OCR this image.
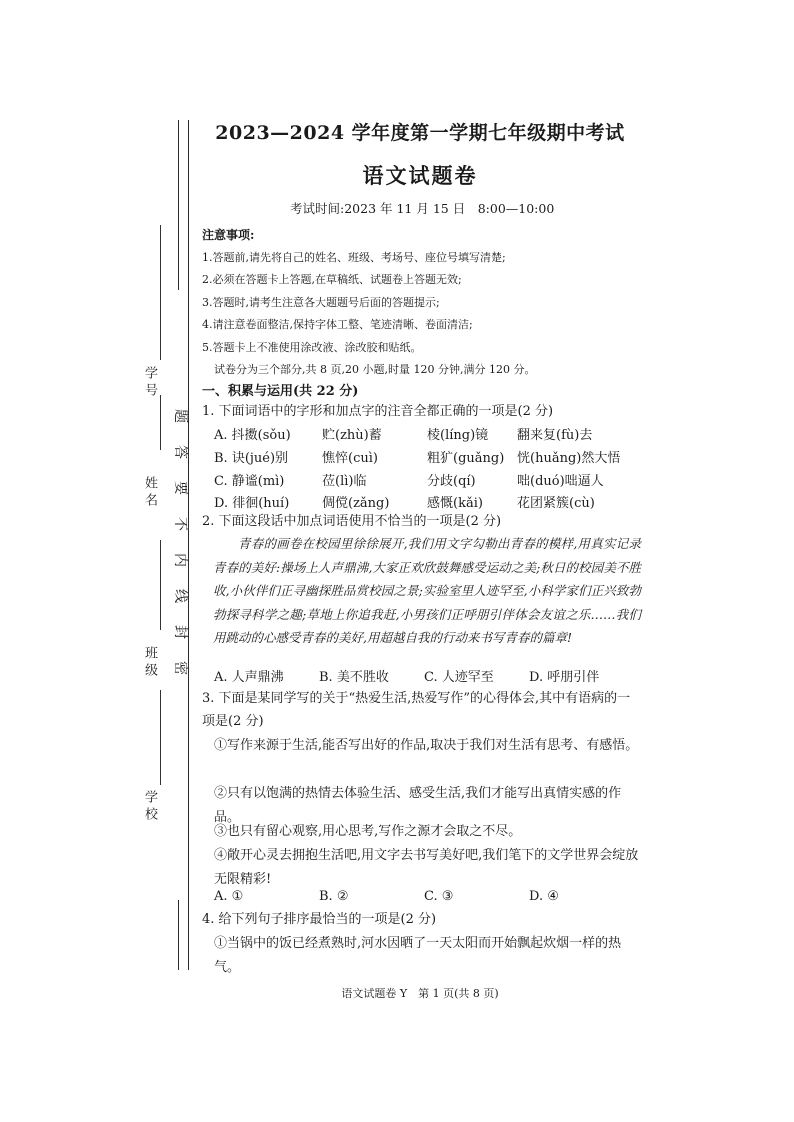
学号
姓名
班级
学校
题
答
要
不
内
线
封
密
2023—2024 学年度第一学期七年级期中考试
语文试题卷
考试时间:2023 年 11 月 15 日　8:00—10:00
注意事项:
1.答题前,请先将自己的姓名、班级、考场号、座位号填写清楚;
2.必须在答题卡上答题,在草稿纸、试题卷上答题无效;
3.答题时,请考生注意各大题题号后面的答题提示;
4.请注意卷面整洁,保持字体工整、笔迹清晰、卷面清洁;
5.答题卡上不准使用涂改液、涂改胶和贴纸。
试卷分为三个部分,共 8 页,20 小题,时量 120 分钟,满分 120 分。
一、积累与运用(共 22 分)
1. 下面词语中的字形和加点字的注音全都正确的一项是(2 分)
A. 抖擞(sǒu)	贮(zhù)蓄	棱(líng)镜	翻来复(fù)去
B. 诀(jué)别	憔悴(cuì)	粗犷(guǎng) 恍(huǎng)然大悟
C. 静谧(mì)	莅(lì)临	分歧(qí)	咄(duó)咄逼人
D. 徘徊(huí)	倜傥(zǎng)	感慨(kǎi)	花团紧簇(cù)
2. 下面这段话中加点词语使用不恰当的一项是(2 分)
青春的画卷在校园里徐徐展开,我们用文字勾勒出青春的模样,用真实记录青春的美好:操场上人声鼎沸,大家正欢欣鼓舞感受运动之美;秋日的校园美不胜收,小伙伴们正寻幽探胜品赏校园之景;实验室里人迹罕至,小科学家们正兴致勃勃探寻科学之趣;草地上你追我赶,小男孩们正呼朋引伴体会友谊之乐……我们用跳动的心感受青春的美好,用超越自我的行动来书写青春的篇章!
A. 人声鼎沸	B. 美不胜收	C. 人迹罕至	D. 呼朋引伴
3. 下面是某同学写的关于“热爱生活,热爱写作”的心得体会,其中有语病的一项是(2 分)
①写作来源于生活,能否写出好的作品,取决于我们对生活有思考、有感悟。
②只有以饱满的热情去体验生活、感受生活,我们才能写出真情实感的作品。
③也只有留心观察,用心思考,写作之源才会取之不尽。
④敞开心灵去拥抱生活吧,用文字去书写美好吧,我们笔下的文学世界会绽放无限精彩!
A. ①	B. ②	C. ③	D. ④
4. 给下列句子排序最恰当的一项是(2 分)
①当锅中的饭已经煮熟时,河水因晒了一天太阳而开始飘起炊烟一样的热气。
语文试题卷 Y　第 1 页(共 8 页)
